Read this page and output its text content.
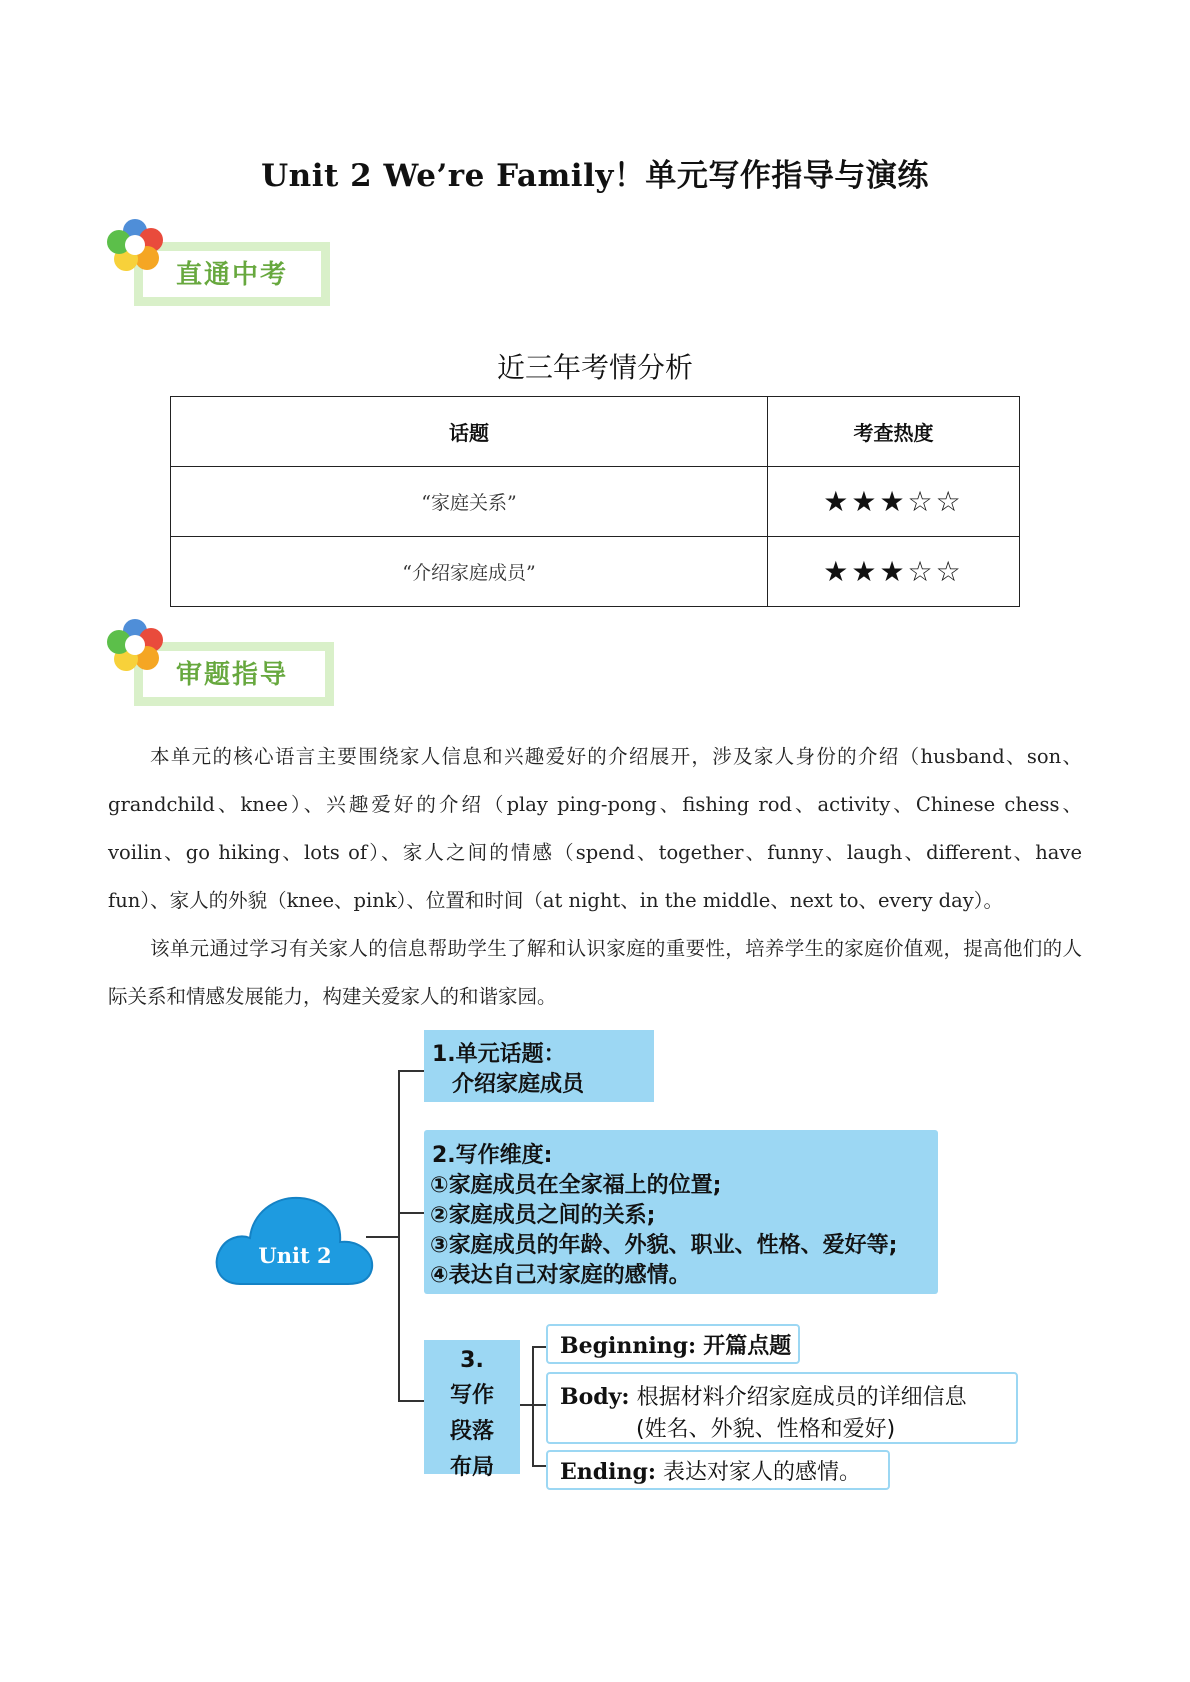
Unit 2 We’re Family！单元写作指导与演练
直通中考
近三年考情分析
话题	考查热度
“家庭关系”	★★★☆☆
“介绍家庭成员”	★★★☆☆
审题指导

本单元的核心语言主要围绕家人信息和兴趣爱好的介绍展开，涉及家人身份的介绍（husband、son、grandchild、knee）、兴趣爱好的介绍（play ping-pong、fishing rod、activity、Chinese chess、voilin、go hiking、lots of）、家人之间的情感（spend、together、funny、laugh、different、have fun）、家人的外貌（knee、pink）、位置和时间（at night、in the middle、next to、every day）。

该单元通过学习有关家人的信息帮助学生了解和认识家庭的重要性，培养学生的家庭价值观，提高他们的人际关系和情感发展能力，构建关爱家人的和谐家园。

Unit 2
1.单元话题：
介绍家庭成员
2.写作维度:
①家庭成员在全家福上的位置;
②家庭成员之间的关系;
③家庭成员的年龄、外貌、职业、性格、爱好等;
④表达自己对家庭的感情。
3.
写作
段落
布局
Beginning: 开篇点题
Body: 根据材料介绍家庭成员的详细信息
(姓名、外貌、性格和爱好)
Ending: 表达对家人的感情。
